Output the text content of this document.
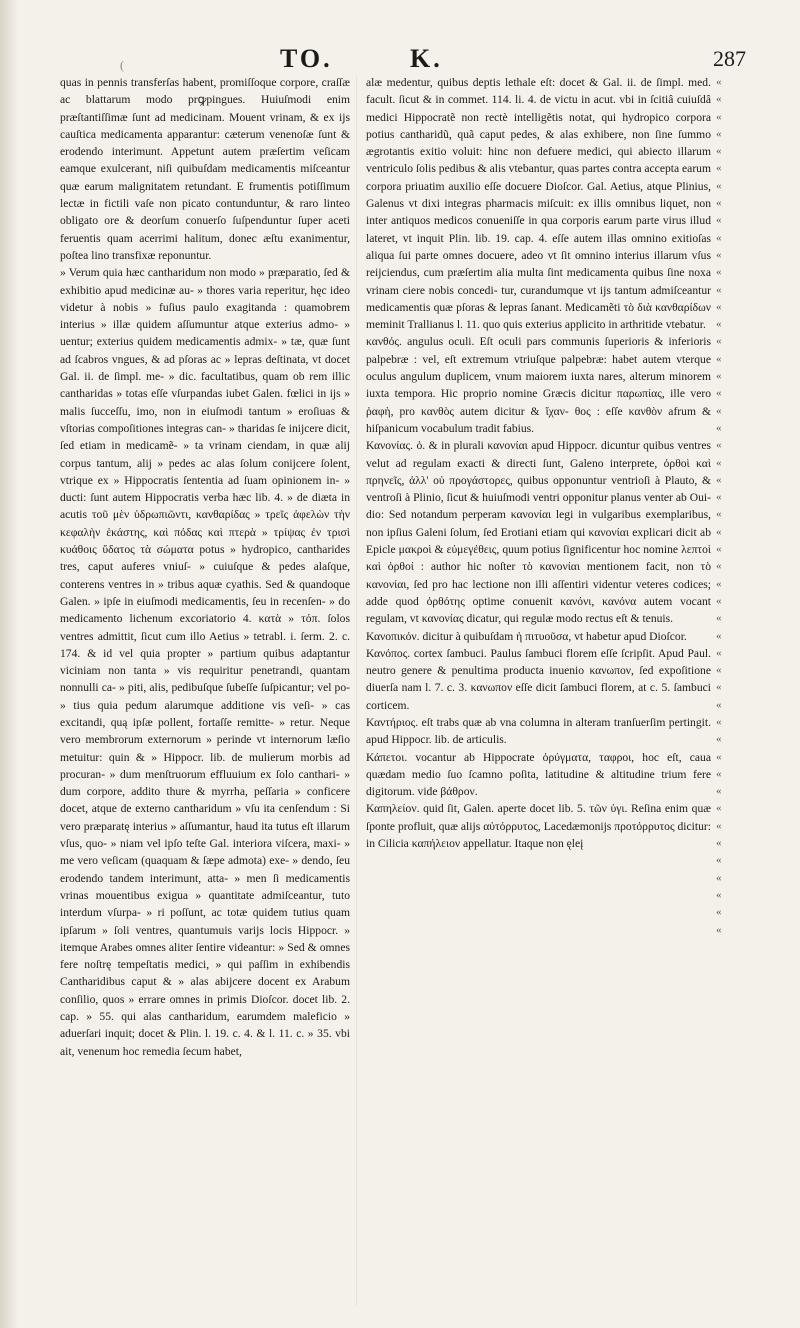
(	TO.	K.	287

quas in pennis transferſas habent, promiſſoque corpore, craſſæ ac blattarum modo prꝙpingues. Huiuſmodi enim præſtantiſſimæ ſunt ad medicinam. Mouent vrinam, & ex ijs cauſtica medicamenta apparantur: cæterum venenoſæ ſunt & erodendo interimunt. Appetunt autem præſertim veſicam eamque exulcerant, niſi quibuſdam medicamentis miſceantur quæ earum malignitatem retundant. E frumentis potiſſimum lectæ in fictili vaſe non picato contunduntur, & raro linteo obligato ore & deorſum conuerſo ſuſpenduntur ſuper aceti feruentis quam acerrimi halitum, donec æſtu exanimentur, poſtea lino transfixæ reponuntur.

» Verum quia hæc cantharidum non modo » præparatio, ſed & exhibitio apud medicinæ au- » thores varia reperitur, hęc ideo videtur à nobis » fuſius paulo exagitanda : quamobrem interius » illæ quidem aſſumuntur atque exterius admo- » uentur; exterius quidem medicamentis admix- » tæ, quæ ſunt ad ſcabros vngues, & ad pſoras ac » lepras deſtinata, vt docet Gal. ii. de ſimpl. me- » dic. facultatibus, quam ob rem illic cantharidas » totas eſſe vſurpandas iubet Galen. fœlici in ijs » malis ſucceſſu, imo, non in eiuſmodi tantum » eroſiuas & vſtorias compoſitiones integras can- » tharidas ſe inijcere dicit, ſed etiam in medicamẽ- » ta vrinam ciendam, in quæ alij corpus tantum, alij » pedes ac alas ſolum conijcere ſolent, vtrique ex » Hippocratis ſententia ad ſuam opinionem in- » ducti: ſunt autem Hippocratis verba hæc lib. 4. » de diæta in acutis τοῦ μὲν ὑδρωπιῶντι, κανθαρίδας » τρεῖς ἀφελὼν τὴν κεφαλὴν ἑκάστης, καὶ πόδας καὶ πτερὰ » τρίψας ἐν τρισὶ κυάθοις ὕδατος τὰ σώματα potus » hydropico, cantharides tres, caput auferes vniuſ- » cuiuſque & pedes alaſque, conterens ventres in » tribus aquæ cyathis. Sed & quandoque Galen. » ipſe in eiuſmodi medicamentis, ſeu in recenſen- » do medicamento lichenum excoriatorio 4. κατὰ » τόπ. ſolos ventres admittit, ſicut cum illo Aetius » tetrabl. i. ſerm. 2. c. 174. & id vel quia propter » partium quibus adaptantur viciniam non tanta » vis requiritur penetrandi, quantam nonnulli ca- » piti, alis, pedibuſque ſubeſſe ſuſpicantur; vel po- » tius quia pedum alarumque additione vis veſi- » cas excitandi, quą ipſæ pollent, fortaſſe remitte- » retur. Neque vero membrorum externorum » perinde vt internorum læſio metuitur: quin & » Hippocr. lib. de mulierum morbis ad procuran- » dum menſtruorum effluuium ex ſolo canthari- » dum corpore, addito thure & myrrha, peſſaria » conficere docet, atque de externo cantharidum » vſu ita cenſendum : Si vero præparatę interius » aſſumantur, haud ita tutus eſt illarum vſus, quo- » niam vel ipſo teſte Gal. interiora viſcera, maxi- » me vero veſicam (quaquam & ſæpe admota) exe- » dendo, ſeu erodendo tandem interimunt, atta- » men ſi medicamentis vrinas mouentibus exigua » quantitate admiſceantur, tuto interdum vſurpa- » ri poſſunt, ac totæ quidem tutius quam ipſarum » ſoli ventres, quantumuis varijs locis Hippocr. » itemque Arabes omnes aliter ſentire videantur: » Sed & omnes fere noſtrę tempeſtatis medici, » qui paſſim in exhibendis Cantharidibus caput & » alas abijcere docent ex Arabum conſilio, quos » errare omnes in primis Dioſcor. docet lib. 2. cap. » 55. qui alas cantharidum, earumdem maleficio » aduerſari inquit; docet & Plin. l. 19. c. 4. & l. 11. c. » 35. vbi ait, venenum hoc remedia ſecum habet,

alæ medentur, quibus deptis lethale eſt: docet & Gal. ii. de ſimpl. med. facult. ſicut & in commet. 114. li. 4. de victu in acut. vbi in ſcitiâ cuiuſdâ medici Hippocratẽ non rectè intelligẽtis notat, qui hydropico corpora potius cantharidũ, quã caput pedes, & alas exhibere, non ſine ſummo ægrotantis exitio voluit: hinc non defuere medici, qui abiecto illarum ventriculo ſolis pedibus & alis vtebantur, quas partes contra accepta earum corpora priuatim auxilio eſſe docuere Dioſcor. Gal. Aetius, atque Plinius, Galenus vt dixi integras pharmacis miſcuit: ex illis omnibus liquet, non inter antiquos medicos conueniſſe in qua corporis earum parte virus illud lateret, vt inquit Plin. lib. 19. cap. 4. eſſe autem illas omnino exitioſas aliqua ſui parte omnes docuere, adeo vt ſit omnino interius illarum vſus reijciendus, cum præſertim alia multa ſint medicamenta quibus ſine noxa vrinam ciere nobis concedi- tur, curandumque vt ijs tantum admiſceantur medicamentis quæ pſoras & lepras ſanant. Medicamẽti τὸ διὰ κανθαρίδων meminit Trallianus l. 11. quo quis exterius applicito in arthritide vtebatur.

κανθός. angulus oculi. Eſt oculi pars communis ſuperioris & inferioris palpebræ : vel, eſt extremum vtriuſque palpebræ: habet autem vterque oculus angulum duplicem, vnum maiorem iuxta nares, alterum minorem iuxta tempora. Hic proprio nomine Græcis dicitur παρωπίας, ille vero ῥαφὴ, pro κανθὸς autem dicitur & ἴχαν- θος : eſſe κανθὸν afrum & hiſpanicum vocabulum tradit fabius.

Κανονίας. ὁ. & in plurali κανονίαι apud Hippocr. dicuntur quibus ventres velut ad regulam exacti & directi ſunt, Galeno interprete, ὀρθοὶ καὶ πρηνεῖς, ἀλλ' οὐ προγάστορες, quibus opponuntur ventrioſi à Plauto, & ventroſi à Plinio, ſicut & huiuſmodi ventri opponitur planus venter ab Oui- dio: Sed notandum perperam κανονίαι legi in vulgaribus exemplaribus, non ipſius Galeni ſolum, ſed Erotiani etiam qui κανονίαι explicari dicit ab Epicle μακροὶ & εὐμεγέθεις, quum potius ſignificentur hoc nomine λεπτοὶ καὶ ὀρθοί : author hic noſter τὸ κανονίαι mentionem facit, non τὸ κανονίαι, ſed pro hac lectione non illi aſſentiri videntur veteres codices; adde quod ὀρθότης optime conuenit κανόνι, κανόνα autem vocant regulam, vt κανονίας dicatur, qui regulæ modo rectus eſt & tenuis.

Κανοπικόν. dicitur à quibuſdam ἡ πιτυοῦσα, vt habetur apud Dioſcor.

Κανόπος. cortex ſambuci. Paulus ſambuci florem eſſe ſcripſit. Apud Paul. neutro genere & penultima producta inuenio κανωπον, ſed expoſitione diuerſa nam l. 7. c. 3. κανωπον eſſe dicit ſambuci florem, at c. 5. ſambuci corticem.

Καντήριος. eſt trabs quæ ab vna columna in alteram tranſuerſim pertingit. apud Hippocr. lib. de articulis.

Κάπετοι. vocantur ab Hippocrate ὀρύγματα, ταφροι, hoc eſt, caua quædam medio ſuo ſcamno poſita, latitudine & altitudine trium fere digitorum. vide βάθρον.

Καπηλείον. quid ſit, Galen. aperte docet lib. 5. τῶν ὑγι. Reſina enim quæ ſponte profluit, quæ alijs αὐτόρρυτος, Lacedæmonijs προτόρρυτος dicitur: in Cilicia καπήλειον appellatur. Itaque non ęleį

«
«
«
«
«
«
«
«
«
«
«
«
«
«
«
«
«
«
«
«
«
«
«
«
«
«
«
«
«
«
«
«
«
«
«
«
«
«
«
«
«
«
«
«
«
«
«
«
«
«
